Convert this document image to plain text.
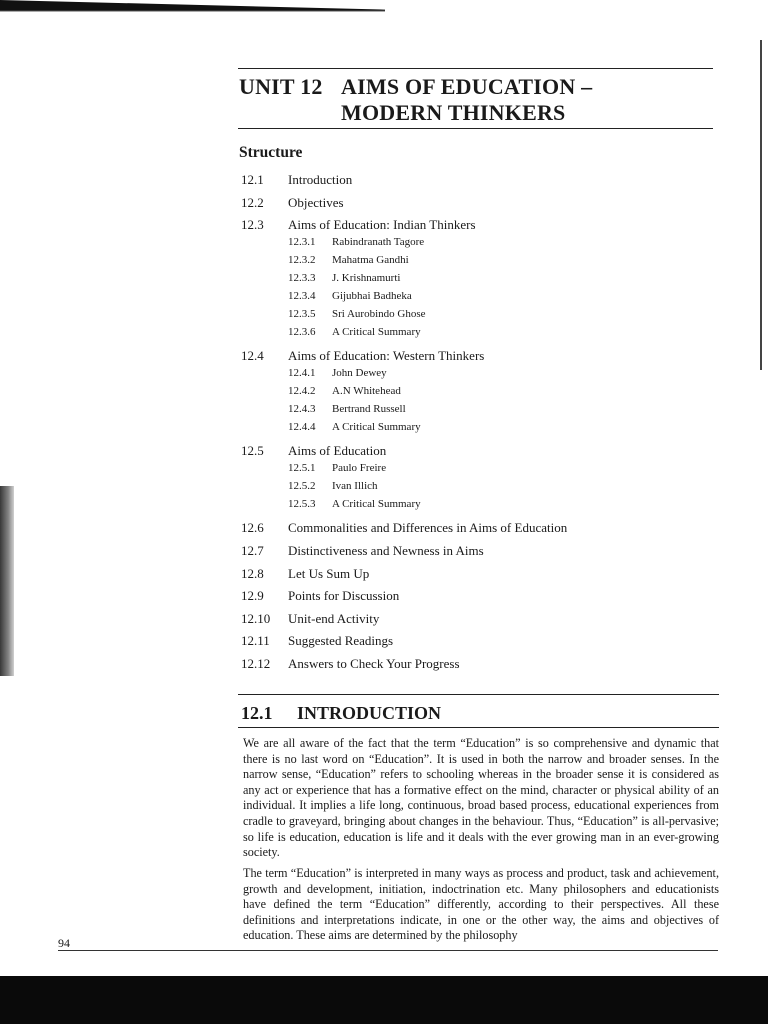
UNIT 12 AIMS OF EDUCATION –
MODERN THINKERS
Structure
12.1	Introduction
12.2	Objectives
12.3	Aims of Education: Indian Thinkers
12.3.1	Rabindranath Tagore
12.3.2	Mahatma Gandhi
12.3.3	J. Krishnamurti
12.3.4	Gijubhai Badheka
12.3.5	Sri Aurobindo Ghose
12.3.6	A Critical Summary
12.4	Aims of Education: Western Thinkers
12.4.1	John Dewey
12.4.2	A.N Whitehead
12.4.3	Bertrand Russell
12.4.4	A Critical Summary
12.5	Aims of Education
12.5.1	Paulo Freire
12.5.2	Ivan Illich
12.5.3	A Critical Summary
12.6	Commonalities and Differences in Aims of Education
12.7	Distinctiveness and Newness in Aims
12.8	Let Us Sum Up
12.9	Points for Discussion
12.10	Unit-end Activity
12.11	Suggested Readings
12.12	Answers to Check Your Progress
12.1 INTRODUCTION

We are all aware of the fact that the term “Education” is so comprehensive and dynamic that there is no last word on “Education”. It is used in both the narrow and broader senses. In the narrow sense, “Education” refers to schooling whereas in the broader sense it is considered as any act or experience that has a formative effect on the mind, character or physical ability of an individual. It implies a life long, continuous, broad based process, educational experiences from cradle to graveyard, bringing about changes in the behaviour. Thus, “Education” is all-pervasive; so life is education, education is life and it deals with the ever growing man in an ever-growing society.

The term “Education” is interpreted in many ways as process and product, task and achievement, growth and development, initiation, indoctrination etc. Many philosophers and educationists have defined the term “Education” differently, according to their perspectives. All these definitions and interpretations indicate, in one or the other way, the aims and objectives of education. These aims are determined by the philosophy

94
